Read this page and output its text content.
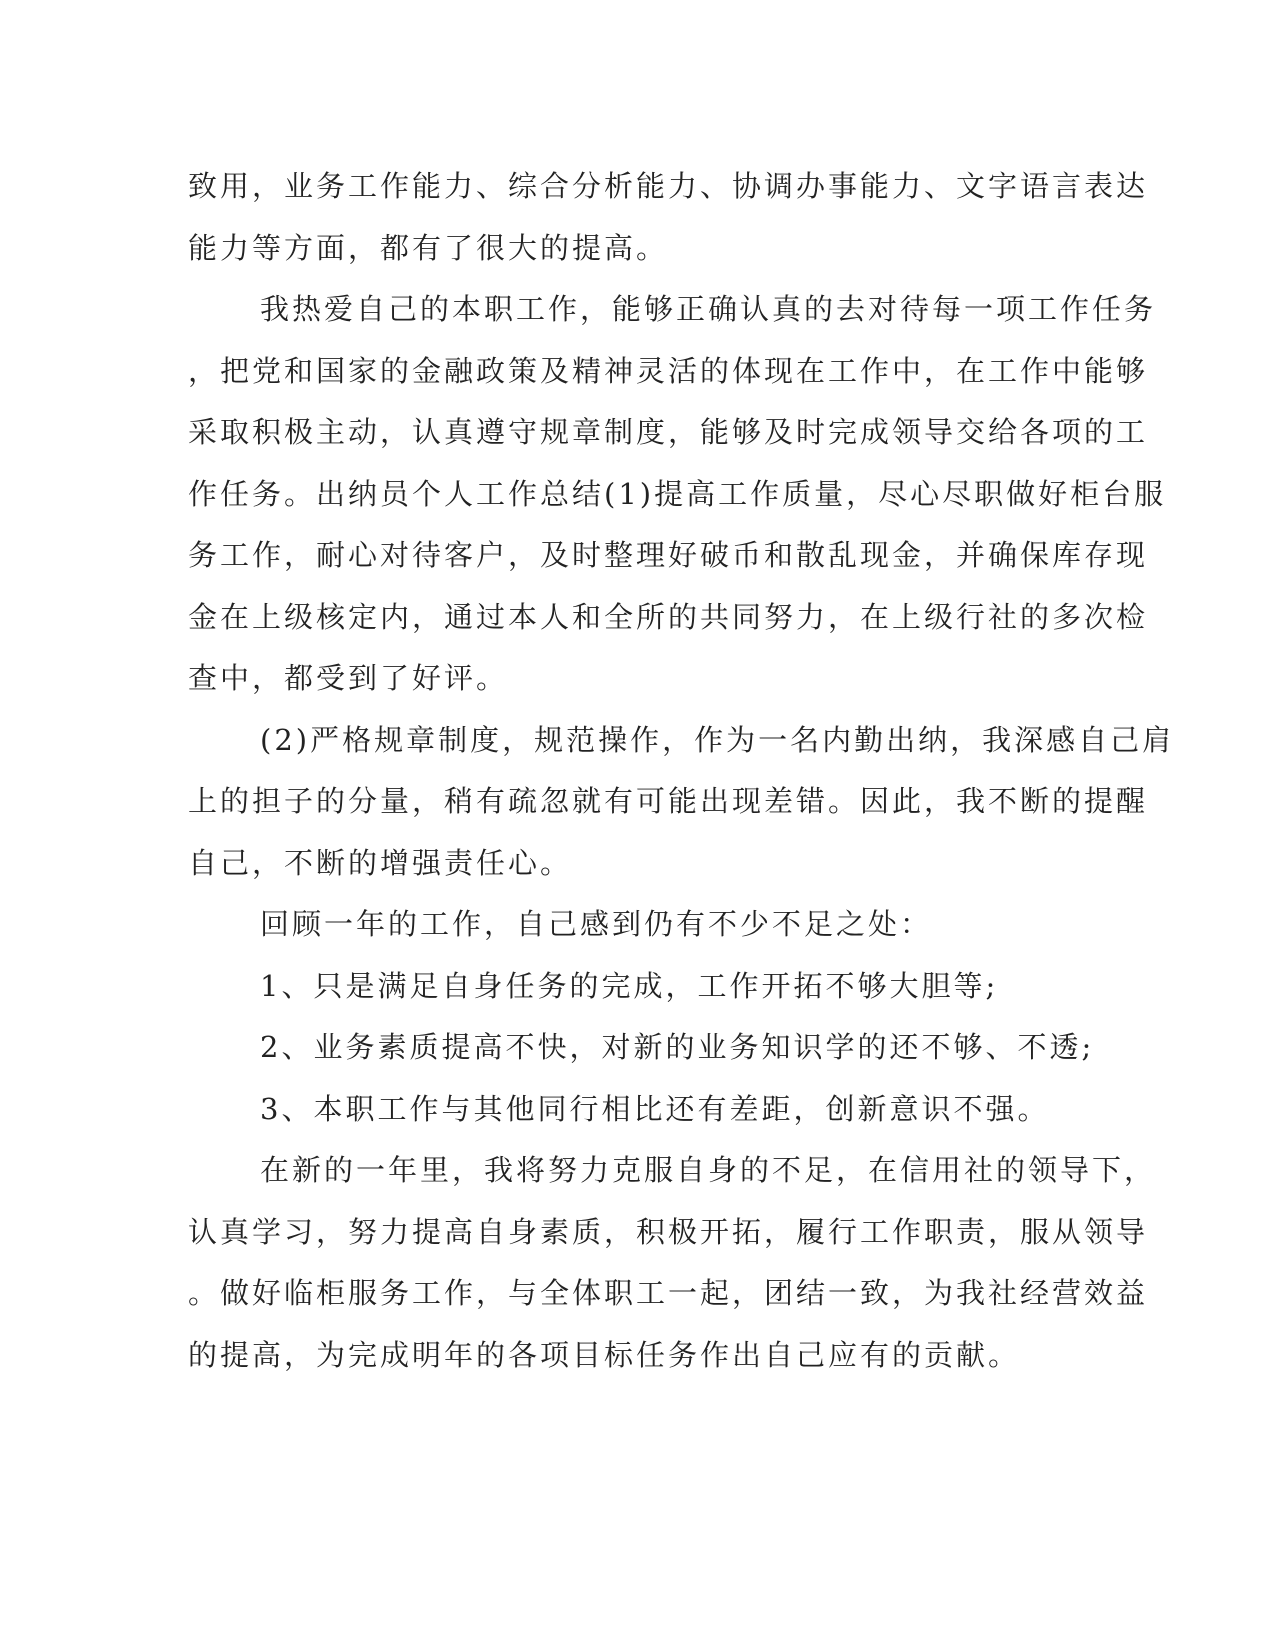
致用，业务工作能力、综合分析能力、协调办事能力、文字语言表达
能力等方面，都有了很大的提高。
我热爱自己的本职工作，能够正确认真的去对待每一项工作任务
，把党和国家的金融政策及精神灵活的体现在工作中，在工作中能够
采取积极主动，认真遵守规章制度，能够及时完成领导交给各项的工
作任务。出纳员个人工作总结(1)提高工作质量，尽心尽职做好柜台服
务工作，耐心对待客户，及时整理好破币和散乱现金，并确保库存现
金在上级核定内，通过本人和全所的共同努力，在上级行社的多次检
查中，都受到了好评。
(2)严格规章制度，规范操作，作为一名内勤出纳，我深感自己肩
上的担子的分量，稍有疏忽就有可能出现差错。因此，我不断的提醒
自己，不断的增强责任心。
回顾一年的工作，自己感到仍有不少不足之处：
1、只是满足自身任务的完成，工作开拓不够大胆等;
2、业务素质提高不快，对新的业务知识学的还不够、不透;
3、本职工作与其他同行相比还有差距，创新意识不强。
在新的一年里，我将努力克服自身的不足，在信用社的领导下，
认真学习，努力提高自身素质，积极开拓，履行工作职责，服从领导
。做好临柜服务工作，与全体职工一起，团结一致，为我社经营效益
的提高，为完成明年的各项目标任务作出自己应有的贡献。
